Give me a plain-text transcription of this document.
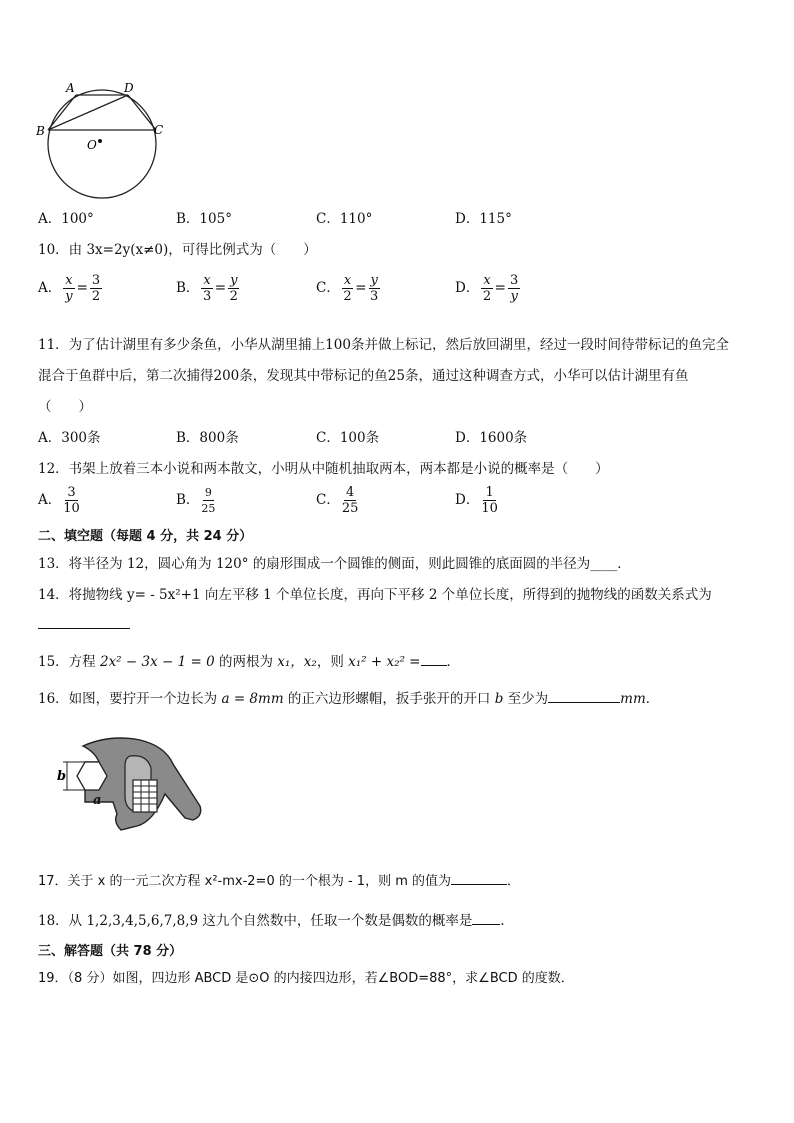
A	D
B	C
O
A．100°	B．105°	C．110°	D．115°
10．由 3x=2y(x≠0)，可得比例式为（　　）
A． $\frac{x}{y} = \frac{3}{2}$	B． $\frac{x}{3} = \frac{y}{2}$	C． $\frac{x}{2} = \frac{y}{3}$	D． $\frac{x}{2} = \frac{3}{y}$
11．为了估计湖里有多少条鱼，小华从湖里捕上100条并做上标记，然后放回湖里，经过一段时间待带标记的鱼完全
混合于鱼群中后，第二次捕得200条，发现其中带标记的鱼25条，通过这种调查方式，小华可以估计湖里有鱼
（　　）
A．300条	B．800条	C．100条	D．1600条
12．书架上放着三本小说和两本散文，小明从中随机抽取两本，两本都是小说的概率是（　　）
A． $\frac{3}{10}$	B． $\frac{9}{25}$	C． $\frac{4}{25}$	D． $\frac{1}{10}$
二、填空题（每题 4 分，共 24 分）
13．将半径为 12，圆心角为 120° 的扇形围成一个圆锥的侧面，则此圆锥的底面圆的半径为____．
14．将抛物线 y= - 5x²+1 向左平移 1 个单位长度，再向下平移 2 个单位长度，所得到的抛物线的函数关系式为
15．方程 2x² − 3x − 1 = 0 的两根为 x₁，x₂，则 x₁² + x₂² = ．
16．如图，要拧开一个边长为 a = 8mm 的正六边形螺帽，扳手张开的开口 b 至少为	mm．
b
a
17．关于 x 的一元二次方程 x²-mx-2=0 的一个根为 - 1，则 m 的值为	．
18．从 1,2,3,4,5,6,7,8,9 这九个自然数中，任取一个数是偶数的概率是 ．
三、解答题（共 78 分）
19．（8 分）如图，四边形 ABCD 是⊙O 的内接四边形，若∠BOD=88°，求∠BCD 的度数．
